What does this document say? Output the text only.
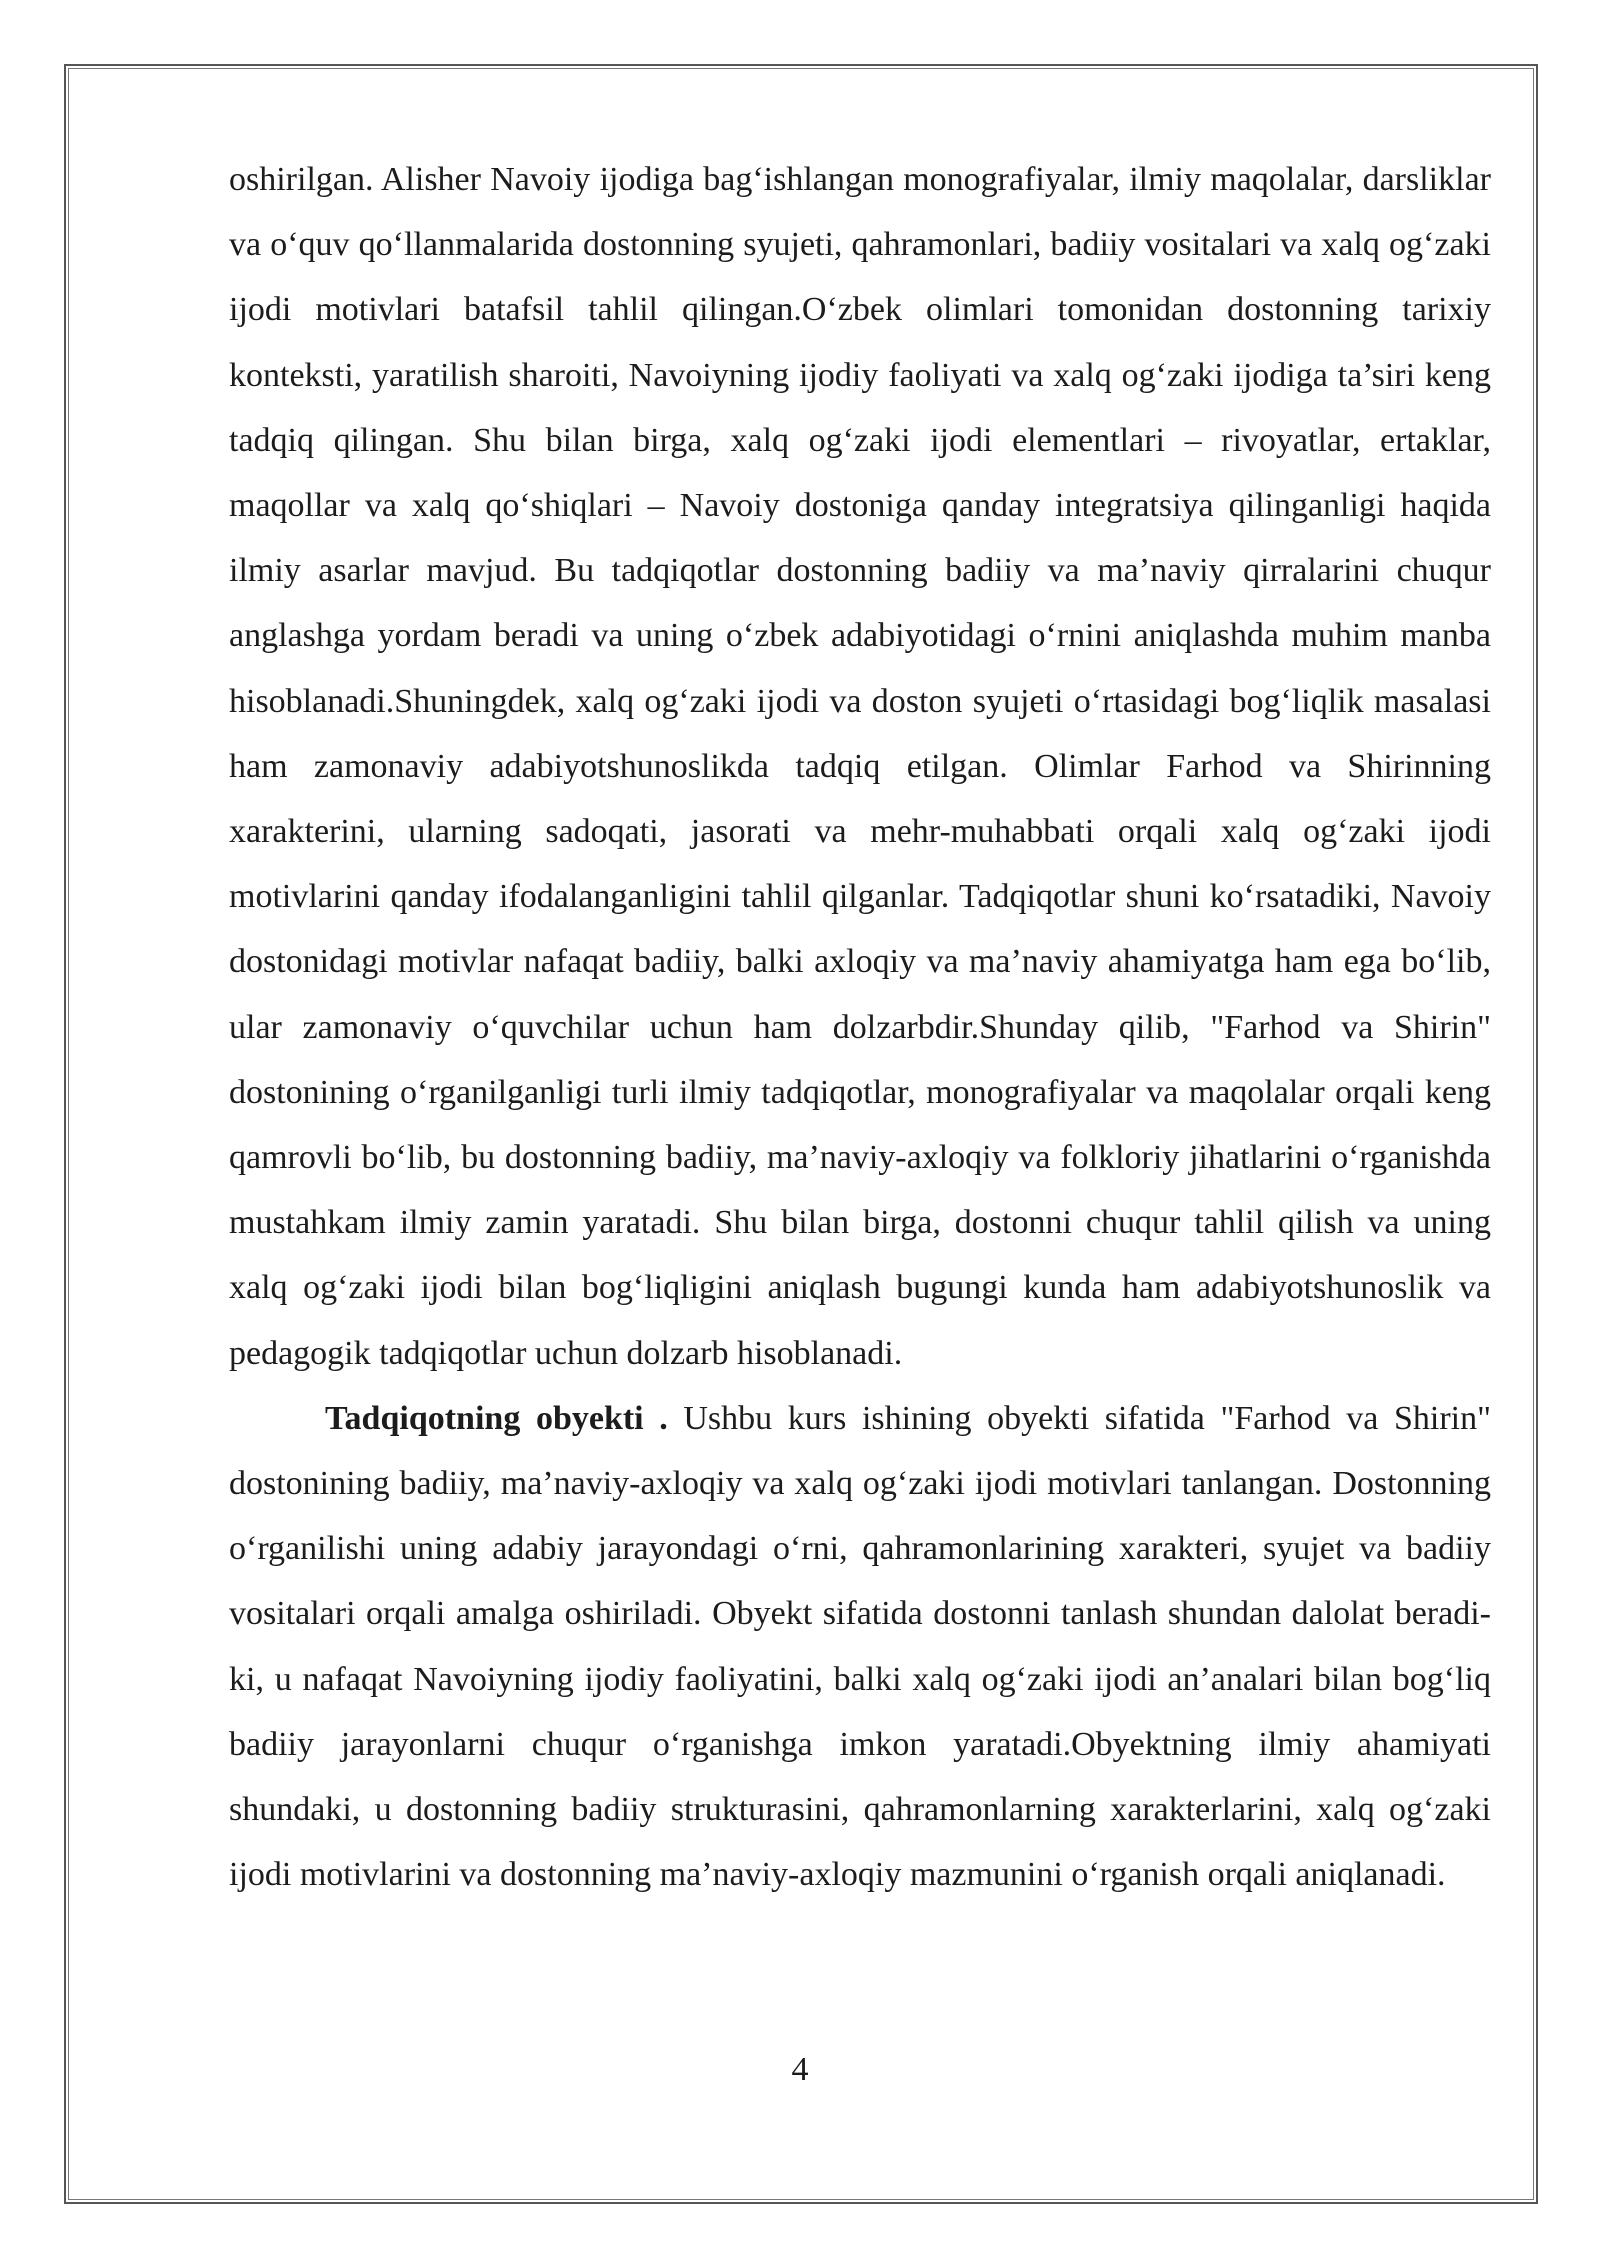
oshirilgan. Alisher Navoiy ijodiga bag‘ishlangan monografiyalar, ilmiy maqolalar, darsliklar va o‘quv qo‘llanmalarida dostonning syujeti, qahramonlari, badiiy vositalari va xalq og‘zaki ijodi motivlari batafsil tahlil qilingan.O‘zbek olimlari tomonidan dostonning tarixiy konteksti, yaratilish sharoiti, Navoiyning ijodiy faoliyati va xalq og‘zaki ijodiga ta’siri keng tadqiq qilingan. Shu bilan birga, xalq og‘zaki ijodi elementlari – rivoyatlar, ertaklar, maqollar va xalq qo‘shiqlari – Navoiy dostoniga qanday integratsiya qilinganligi haqida ilmiy asarlar mavjud. Bu tadqiqotlar dostonning badiiy va ma’naviy qirralarini chuqur anglashga yordam beradi va uning o‘zbek adabiyotidagi o‘rnini aniqlashda muhim manba hisoblanadi.Shuningdek, xalq og‘zaki ijodi va doston syujeti o‘rtasidagi bog‘liqlik masalasi ham zamonaviy adabiyotshunoslikda tadqiq etilgan. Olimlar Farhod va Shirinning xarakterini, ularning sadoqati, jasorati va mehr-muhabbati orqali xalq og‘zaki ijodi motivlarini qanday ifodalanganligini tahlil qilganlar. Tadqiqotlar shuni ko‘rsatadiki, Navoiy dostonidagi motivlar nafaqat badiiy, balki axloqiy va ma’naviy ahamiyatga ham ega bo‘lib, ular zamonaviy o‘quvchilar uchun ham dolzarbdir.Shunday qilib, "Farhod va Shirin" dostonining o‘rganilganligi turli ilmiy tadqiqotlar, monografiyalar va maqolalar orqali keng qamrovli bo‘lib, bu dostonning badiiy, ma’naviy-axloqiy va folkloriy jihatlarini o‘rganishda mustahkam ilmiy zamin yaratadi. Shu bilan birga, dostonni chuqur tahlil qilish va uning xalq og‘zaki ijodi bilan bog‘liqligini aniqlash bugungi kunda ham adabiyotshunoslik va pedagogik tadqiqotlar uchun dolzarb hisoblanadi.

Tadqiqotning obyekti . Ushbu kurs ishining obyekti sifatida "Farhod va Shirin" dostonining badiiy, ma’naviy-axloqiy va xalq og‘zaki ijodi motivlari tanlangan. Dostonning o‘rganilishi uning adabiy jarayondagi o‘rni, qahramonlarining xarakteri, syujet va badiiy vositalari orqali amalga oshiriladi. Obyekt sifatida dostonni tanlash shundan dalolat beradi-ki, u nafaqat Navoiyning ijodiy faoliyatini, balki xalq og‘zaki ijodi an’analari bilan bog‘liq badiiy jarayonlarni chuqur o‘rganishga imkon yaratadi.Obyektning ilmiy ahamiyati shundaki, u dostonning badiiy strukturasini, qahramonlarning xarakterlarini, xalq og‘zaki ijodi motivlarini va dostonning ma’naviy-axloqiy mazmunini o‘rganish orqali aniqlanadi.

4
